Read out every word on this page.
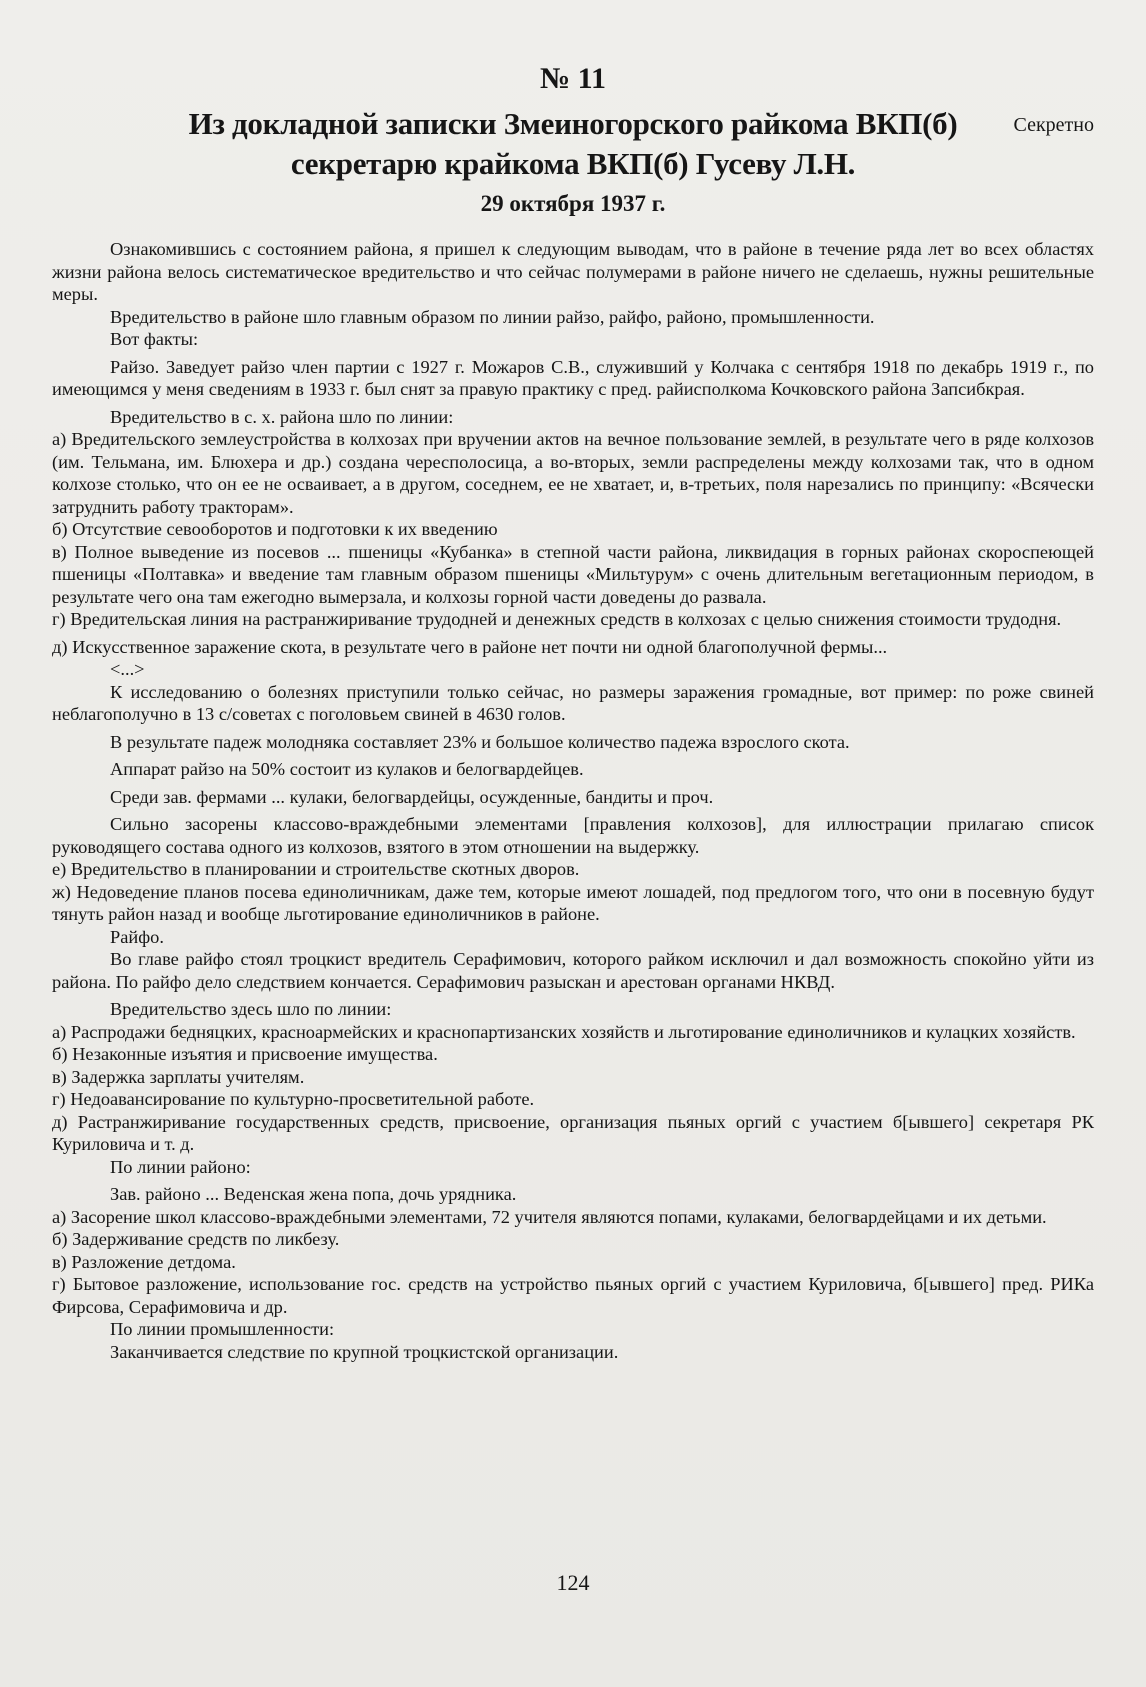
№ 11
Секретно
Из докладной записки Змеиногорского райкома ВКП(б)
секретарю крайкома ВКП(б) Гусеву Л.Н.
29 октября 1937 г.

Ознакомившись с состоянием района, я пришел к следующим выводам, что в районе в течение ряда лет во всех областях жизни района велось систематическое вредительство и что сейчас полумерами в районе ничего не сделаешь, нужны решительные меры.

Вредительство в районе шло главным образом по линии райзо, райфо, районо, промышленности.

Вот факты:

Райзо. Заведует райзо член партии с 1927 г. Можаров С.В., служивший у Колчака с сентября 1918 по декабрь 1919 г., по имеющимся у меня сведениям в 1933 г. был снят за правую практику с пред. райисполкома Кочковского района Запсибкрая.

Вредительство в с. х. района шло по линии:

а) Вредительского землеустройства в колхозах при вручении актов на вечное пользование землей, в результате чего в ряде колхозов (им. Тельмана, им. Блюхера и др.) создана чересполосица, а во-вторых, земли распределены между колхозами так, что в одном колхозе столько, что он ее не осваивает, а в другом, соседнем, ее не хватает, и, в-третьих, поля нарезались по принципу: «Всячески затруднить работу тракторам».

б) Отсутствие севооборотов и подготовки к их введению

в) Полное выведение из посевов ... пшеницы «Кубанка» в степной части района, ликвидация в горных районах скороспеющей пшеницы «Полтавка» и введение там главным образом пшеницы «Мильтурум» с очень длительным вегетационным периодом, в результате чего она там ежегодно вымерзала, и колхозы горной части доведены до развала.

г) Вредительская линия на растранжиривание трудодней и денежных средств в колхозах с целью снижения стоимости трудодня.

д) Искусственное заражение скота, в результате чего в районе нет почти ни одной благополучной фермы...

<...>

К исследованию о болезнях приступили только сейчас, но размеры заражения громадные, вот пример: по роже свиней неблагополучно в 13 с/советах с поголовьем свиней в 4630 голов.

В результате падеж молодняка составляет 23% и большое количество падежа взрослого скота.

Аппарат райзо на 50% состоит из кулаков и белогвардейцев.

Среди зав. фермами ... кулаки, белогвардейцы, осужденные, бандиты и проч.

Сильно засорены классово-враждебными элементами [правления колхозов], для иллюстрации прилагаю список руководящего состава одного из колхозов, взятого в этом отношении на выдержку.

е) Вредительство в планировании и строительстве скотных дворов.

ж) Недоведение планов посева единоличникам, даже тем, которые имеют лошадей, под предлогом того, что они в посевную будут тянуть район назад и вообще льготирование единоличников в районе.

Райфо.

Во главе райфо стоял троцкист вредитель Серафимович, которого райком исключил и дал возможность спокойно уйти из района. По райфо дело следствием кончается. Серафимович разыскан и арестован органами НКВД.

Вредительство здесь шло по линии:

а) Распродажи бедняцких, красноармейских и краснопартизанских хозяйств и льготирование единоличников и кулацких хозяйств.

б) Незаконные изъятия и присвоение имущества.

в) Задержка зарплаты учителям.

г) Недоавансирование по культурно-просветительной работе.

д) Растранжиривание государственных средств, присвоение, организация пьяных оргий с участием б[ывшего] секретаря РК Куриловича и т. д.

По линии районо:

Зав. районо ... Веденская жена попа, дочь урядника.

а) Засорение школ классово-враждебными элементами, 72 учителя являются попами, кулаками, белогвардейцами и их детьми.

б) Задерживание средств по ликбезу.

в) Разложение детдома.

г) Бытовое разложение, использование гос. средств на устройство пьяных оргий с участием Куриловича, б[ывшего] пред. РИКа Фирсова, Серафимовича и др.

По линии промышленности:

Заканчивается следствие по крупной троцкистской организации.

124
